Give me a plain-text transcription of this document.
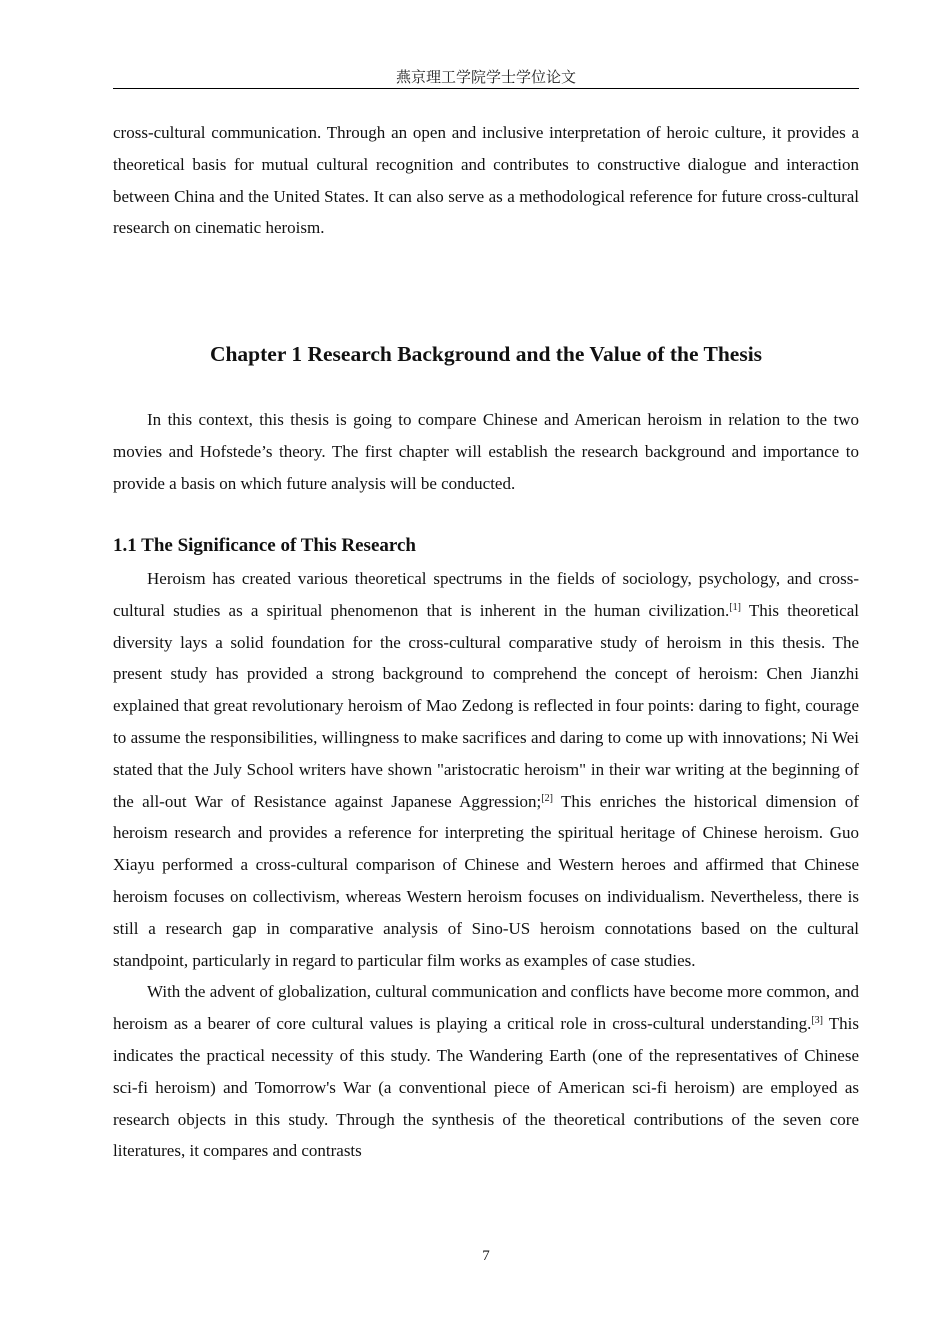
燕京理工学院学士学位论文

cross-cultural communication. Through an open and inclusive interpretation of heroic culture, it provides a theoretical basis for mutual cultural recognition and contributes to constructive dialogue and interaction between China and the United States. It can also serve as a methodological reference for future cross-cultural research on cinematic heroism.

Chapter 1 Research Background and the Value of the Thesis

In this context, this thesis is going to compare Chinese and American heroism in relation to the two movies and Hofstede’s theory. The first chapter will establish the research background and importance to provide a basis on which future analysis will be conducted.

1.1 The Significance of This Research

Heroism has created various theoretical spectrums in the fields of sociology, psychology, and cross-cultural studies as a spiritual phenomenon that is inherent in the human civilization.[1] This theoretical diversity lays a solid foundation for the cross-cultural comparative study of heroism in this thesis. The present study has provided a strong background to comprehend the concept of heroism: Chen Jianzhi explained that great revolutionary heroism of Mao Zedong is reflected in four points: daring to fight, courage to assume the responsibilities, willingness to make sacrifices and daring to come up with innovations; Ni Wei stated that the July School writers have shown "aristocratic heroism" in their war writing at the beginning of the all-out War of Resistance against Japanese Aggression;[2] This enriches the historical dimension of heroism research and provides a reference for interpreting the spiritual heritage of Chinese heroism. Guo Xiayu performed a cross-cultural comparison of Chinese and Western heroes and affirmed that Chinese heroism focuses on collectivism, whereas Western heroism focuses on individualism. Nevertheless, there is still a research gap in comparative analysis of Sino-US heroism connotations based on the cultural standpoint, particularly in regard to particular film works as examples of case studies.

With the advent of globalization, cultural communication and conflicts have become more common, and heroism as a bearer of core cultural values is playing a critical role in cross-cultural understanding.[3] This indicates the practical necessity of this study. The Wandering Earth (one of the representatives of Chinese sci-fi heroism) and Tomorrow's War (a conventional piece of American sci-fi heroism) are employed as research objects in this study. Through the synthesis of the theoretical contributions of the seven core literatures, it compares and contrasts

7
